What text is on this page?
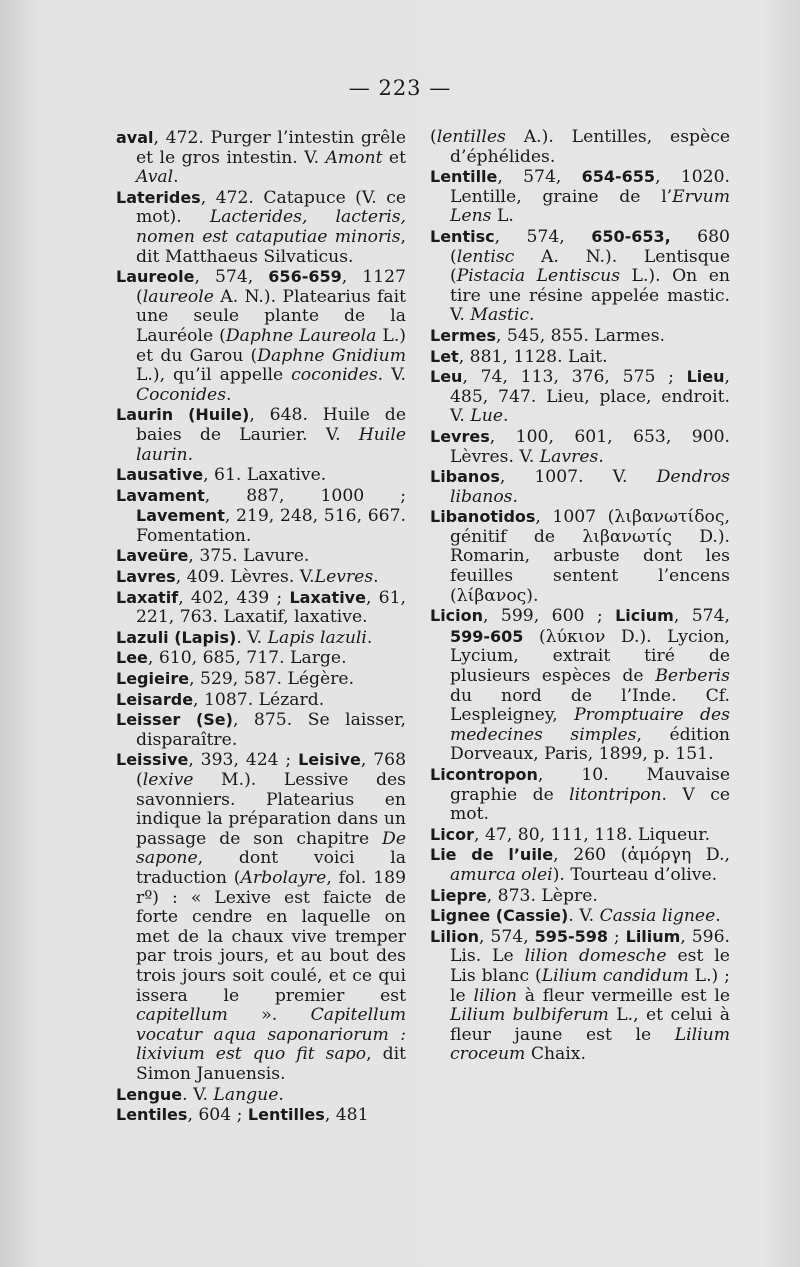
— 223 —

aval, 472. Purger l’intestin grêle et le gros intestin. V. Amont et Aval.

Laterides, 472. Catapuce (V. ce mot). Lacterides, lacteris, nomen est cataputiae minoris, dit Matthaeus Silvaticus.

Laureole, 574, 656-659, 1127 (laureole A. N.). Platearius fait une seule plante de la Lauréole (Daphne Laureola L.) et du Garou (Daphne Gnidium L.), qu’il appelle coconides. V. Coconides.

Laurin (Huile), 648. Huile de baies de Laurier. V. Huile laurin.

Lausative, 61. Laxative.

Lavament, 887, 1000 ; Lavement, 219, 248, 516, 667. Fomentation.

Laveüre, 375. Lavure.

Lavres, 409. Lèvres. V.Levres.

Laxatif, 402, 439 ; Laxative, 61, 221, 763. Laxatif, laxative.

Lazuli (Lapis). V. Lapis lazuli.

Lee, 610, 685, 717. Large.

Legieire, 529, 587. Légère.

Leisarde, 1087. Lézard.

Leisser (Se), 875. Se laisser, disparaître.

Leissive, 393, 424 ; Leisive, 768 (lexive M.). Lessive des savonniers. Platearius en indique la préparation dans un passage de son chapitre De sapone, dont voici la traduction (Arbolayre, fol. 189 rº) : « Lexive est faicte de forte cendre en laquelle on met de la chaux vive tremper par trois jours, et au bout des trois jours soit coulé, et ce qui issera le premier est capitellum ». Capitellum vocatur aqua saponariorum : lixivium est quo fit sapo, dit Simon Januensis.

Lengue. V. Langue.

Lentiles, 604 ; Lentilles, 481

(lentilles A.). Lentilles, espèce d’éphélides.

Lentille, 574, 654-655, 1020. Lentille, graine de l’Ervum Lens L.

Lentisc, 574, 650-653, 680 (lentisc A. N.). Lentisque (Pistacia Lentiscus L.). On en tire une résine appelée mastic. V. Mastic.

Lermes, 545, 855. Larmes.

Let, 881, 1128. Lait.

Leu, 74, 113, 376, 575 ; Lieu, 485, 747. Lieu, place, endroit. V. Lue.

Levres, 100, 601, 653, 900. Lèvres. V. Lavres.

Libanos, 1007. V. Dendros libanos.

Libanotidos, 1007 (λιβανωτίδος, génitif de λιβανωτίς D.). Romarin, arbuste dont les feuilles sentent l’encens (λίβανος).

Licion, 599, 600 ; Licium, 574, 599-605 (λύκιον D.). Lycion, Lycium, extrait tiré de plusieurs espèces de Berberis du nord de l’Inde. Cf. Lespleigney, Promptuaire des medecines simples, édition Dorveaux, Paris, 1899, p. 151.

Licontropon, 10. Mauvaise graphie de litontripon. V ce mot.

Licor, 47, 80, 111, 118. Liqueur.

Lie de l’uile, 260 (ἀμόργη D., amurca olei). Tourteau d’olive.

Liepre, 873. Lèpre.

Lignee (Cassie). V. Cassia lignee.

Lilion, 574, 595-598 ; Lilium, 596. Lis. Le lilion domesche est le Lis blanc (Lilium candidum L.) ; le lilion à fleur vermeille est le Lilium bulbiferum L., et celui à fleur jaune est le Lilium croceum Chaix.
